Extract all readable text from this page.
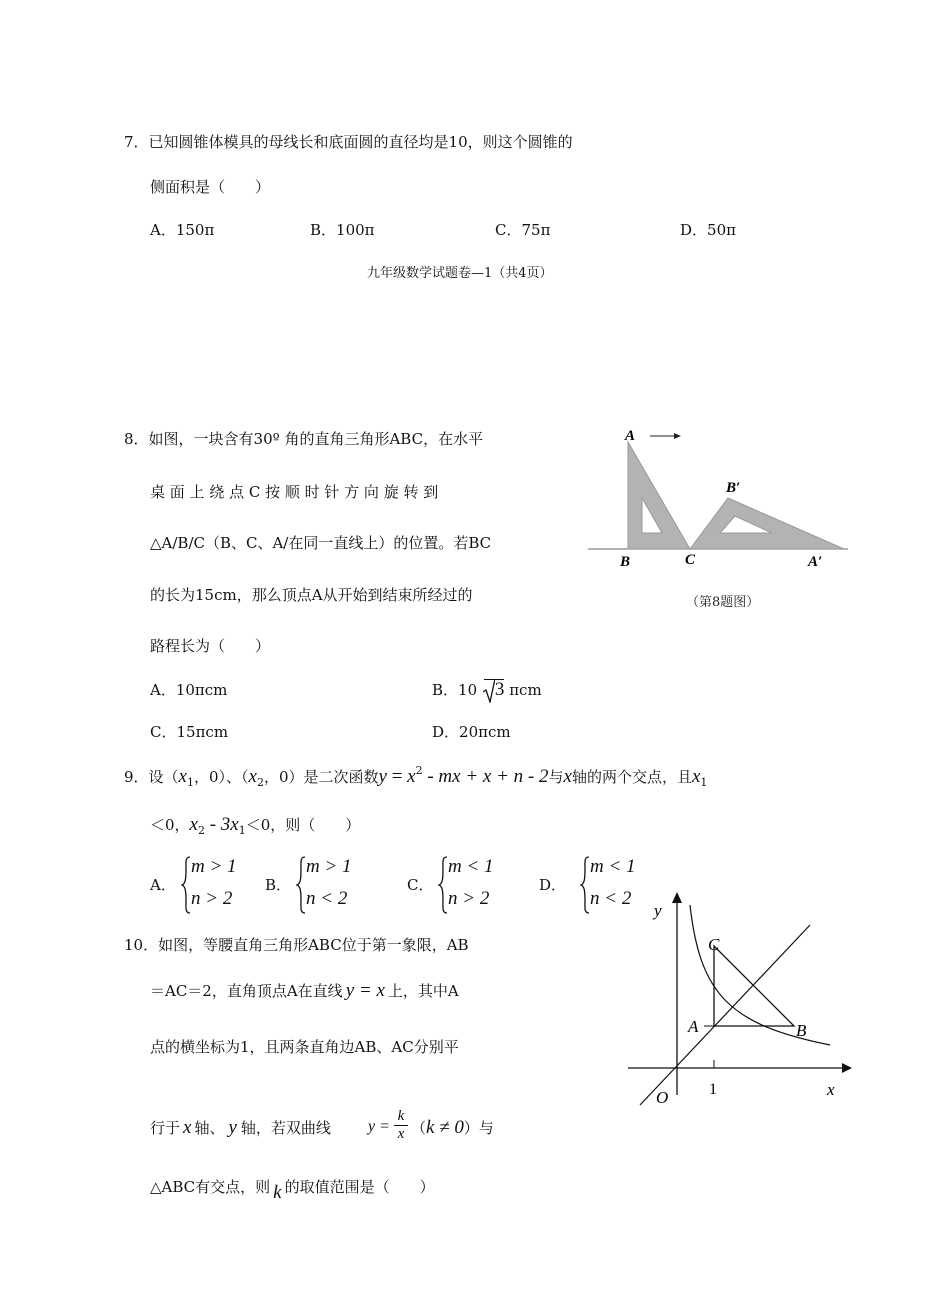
7．已知圆锥体模具的母线长和底面圆的直径均是10，则这个圆锥的
侧面积是（　　）
A．150π	B．100π	C．75π	D．50π
九年级数学试题卷—1（共4页）
8．如图，一块含有30º 角的直角三角形ABC，在水平
桌 面 上 绕 点 C 按 顺 时 针 方 向 旋 转 到
△A/B/C（B、C、A/在同一直线上）的位置。若BC
的长为15cm，那么顶点A从开始到结束所经过的
路程长为（　　）
A．10πcm	B．10 3 πcm
C．15πcm	D．20πcm
A
B	C
B′
A′
（第8题图）
9．设（$x_1$，0）、（$x_2$，0）是二次函数$y = x^2$ - mx + x + n - 2与x轴的两个交点，且$x_1$
＜0，$x_2 - 3x_1<0$，则（　　）
A．
m > 1
n > 2
B．
m > 1
n < 2
C．
m < 1
n > 2
D．
m < 1
n < 2
10．如图，等腰直角三角形ABC位于第一象限，AB
＝AC＝2，直角顶点A在直线 y = x 上，其中A
点的横坐标为1，且两条直角边AB、AC分别平
行于 x 轴、 y 轴，若双曲线 $y = \frac{k}{x} (k \ne 0)$与
△ABC有交点，则 k 的取值范围是（　　）
y
x
O
C
A	B
1
